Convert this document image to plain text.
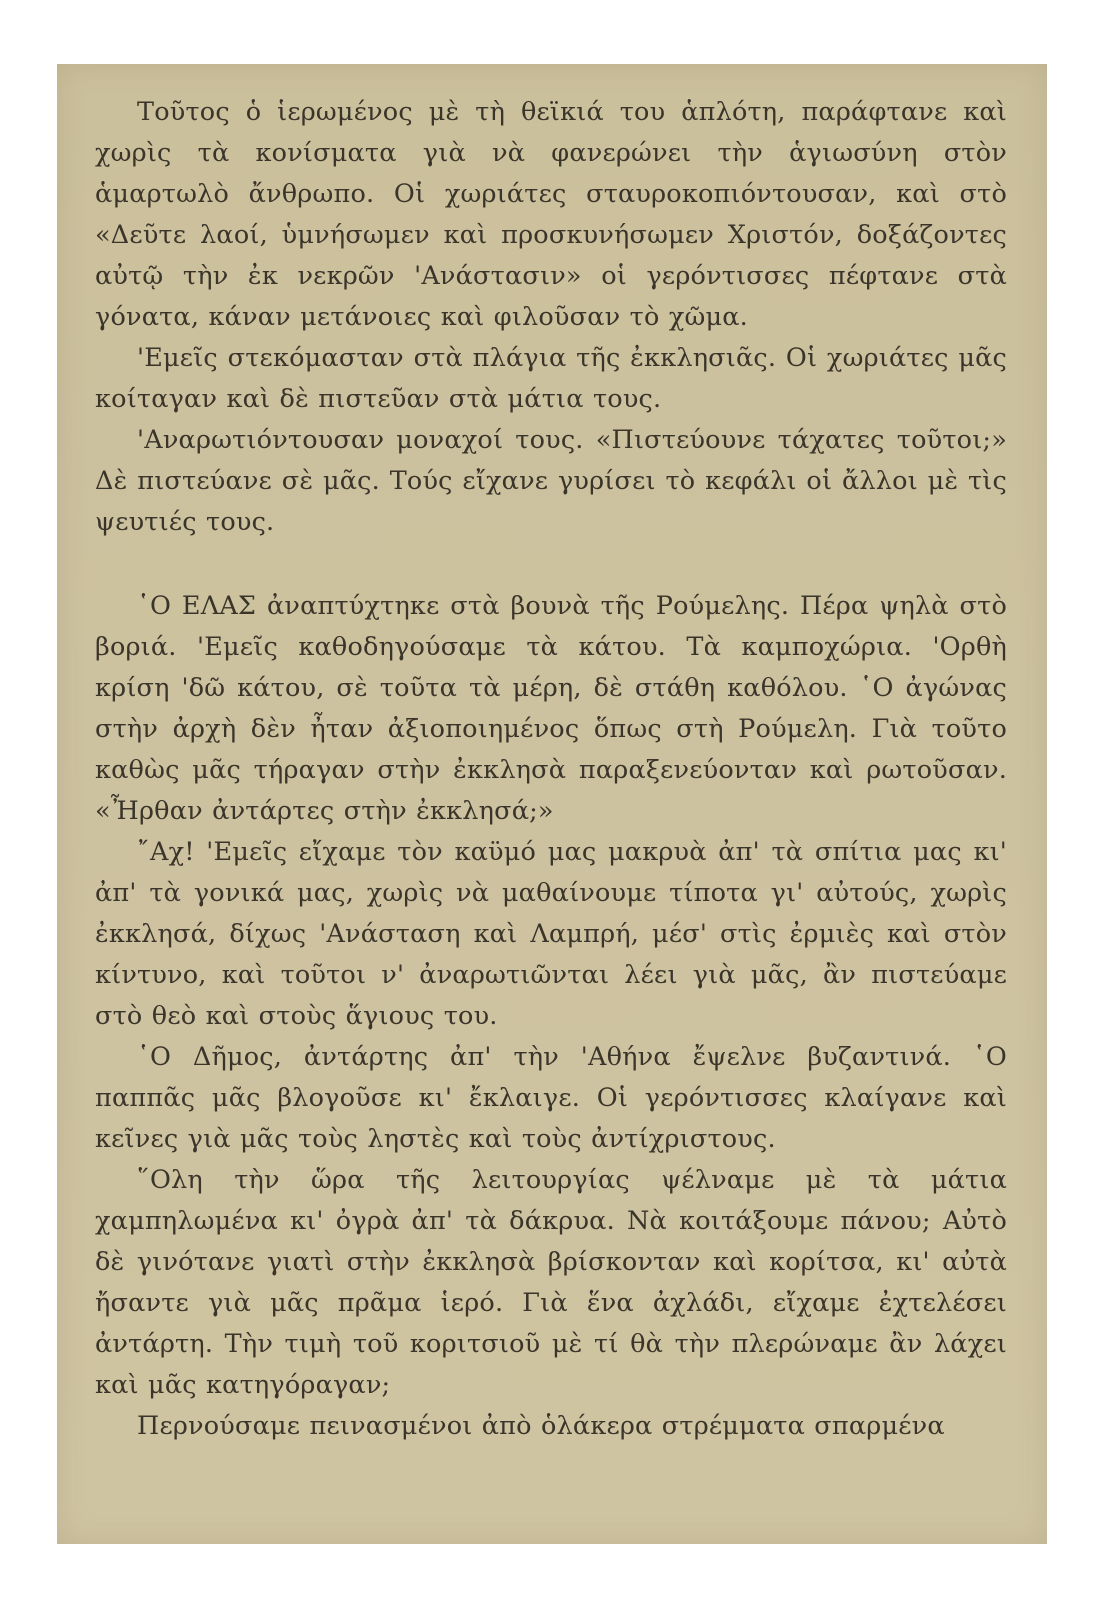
Τοῦτος ὁ ἱερωμένος μὲ τὴ θεϊκιά του ἁπλότη, παράφτανε καὶ χωρὶς τὰ κονίσματα γιὰ νὰ φανερώνει τὴν ἁγιωσύνη στὸν ἁμαρτωλὸ ἄνθρωπο. Οἱ χωριάτες σταυροκοπιόντουσαν, καὶ στὸ «Δεῦτε λαοί, ὑμνήσωμεν καὶ προσκυνήσωμεν Χριστόν, δοξάζοντες αὐτῷ τὴν ἐκ νεκρῶν 'Ανάστασιν» οἱ γερόντισσες πέφτανε στὰ γόνατα, κάναν μετάνοιες καὶ φιλοῦσαν τὸ χῶμα.

'Εμεῖς στεκόμασταν στὰ πλάγια τῆς ἐκκλησιᾶς. Οἱ χωριάτες μᾶς κοίταγαν καὶ δὲ πιστεῦαν στὰ μάτια τους.

'Αναρωτιόντουσαν μοναχοί τους. «Πιστεύουνε τάχατες τοῦτοι;» Δὲ πιστεύανε σὲ μᾶς. Τούς εἴχανε γυρίσει τὸ κεφάλι οἱ ἄλλοι μὲ τὶς ψευτιές τους.

῾Ο ΕΛΑΣ ἀναπτύχτηκε στὰ βουνὰ τῆς Ρούμελης. Πέρα ψηλὰ στὸ βοριά. 'Εμεῖς καθοδηγούσαμε τὰ κάτου. Τὰ καμποχώρια. 'Ορθὴ κρίση 'δῶ κάτου, σὲ τοῦτα τὰ μέρη, δὲ στάθη καθόλου. ῾Ο ἀγώνας στὴν ἀρχὴ δὲν ἦταν ἀξιοποιημένος ὅπως στὴ Ρούμελη. Γιὰ τοῦτο καθὼς μᾶς τήραγαν στὴν ἐκκλησὰ παραξενεύονταν καὶ ρωτοῦσαν. «Ἦρθαν ἀντάρτες στὴν ἐκκλησά;»

῎Αχ! 'Εμεῖς εἴχαμε τὸν καϋμό μας μακρυὰ ἀπ' τὰ σπίτια μας κι' ἀπ' τὰ γονικά μας, χωρὶς νὰ μαθαίνουμε τίποτα γι' αὐτούς, χωρὶς ἐκκλησά, δίχως 'Ανάσταση καὶ Λαμπρή, μέσ' στὶς ἐρμιὲς καὶ στὸν κίντυνο, καὶ τοῦτοι ν' ἀναρωτιῶνται λέει γιὰ μᾶς, ἂν πιστεύαμε στὸ θεὸ καὶ στοὺς ἅγιους του.

῾Ο Δῆμος, ἀντάρτης ἀπ' τὴν 'Αθήνα ἔψελνε βυζαντινά. ῾Ο παππᾶς μᾶς βλογοῦσε κι' ἔκλαιγε. Οἱ γερόντισσες κλαίγανε καὶ κεῖνες γιὰ μᾶς τοὺς ληστὲς καὶ τοὺς ἀντίχριστους.

῞Ολη τὴν ὥρα τῆς λειτουργίας ψέλναμε μὲ τὰ μάτια χαμπηλωμένα κι' ὀγρὰ ἀπ' τὰ δάκρυα. Νὰ κοιτάξουμε πάνου; Αὐτὸ δὲ γινότανε γιατὶ στὴν ἐκκλησὰ βρίσκονταν καὶ κορίτσα, κι' αὐτὰ ἤσαντε γιὰ μᾶς πρᾶμα ἱερό. Γιὰ ἕνα ἀχλάδι, εἴχαμε ἐχτελέσει ἀντάρτη. Τὴν τιμὴ τοῦ κοριτσιοῦ μὲ τί θὰ τὴν πλερώναμε ἂν λάχει καὶ μᾶς κατηγόραγαν;

Περνούσαμε πεινασμένοι ἀπὸ ὁλάκερα στρέμματα σπαρμένα
